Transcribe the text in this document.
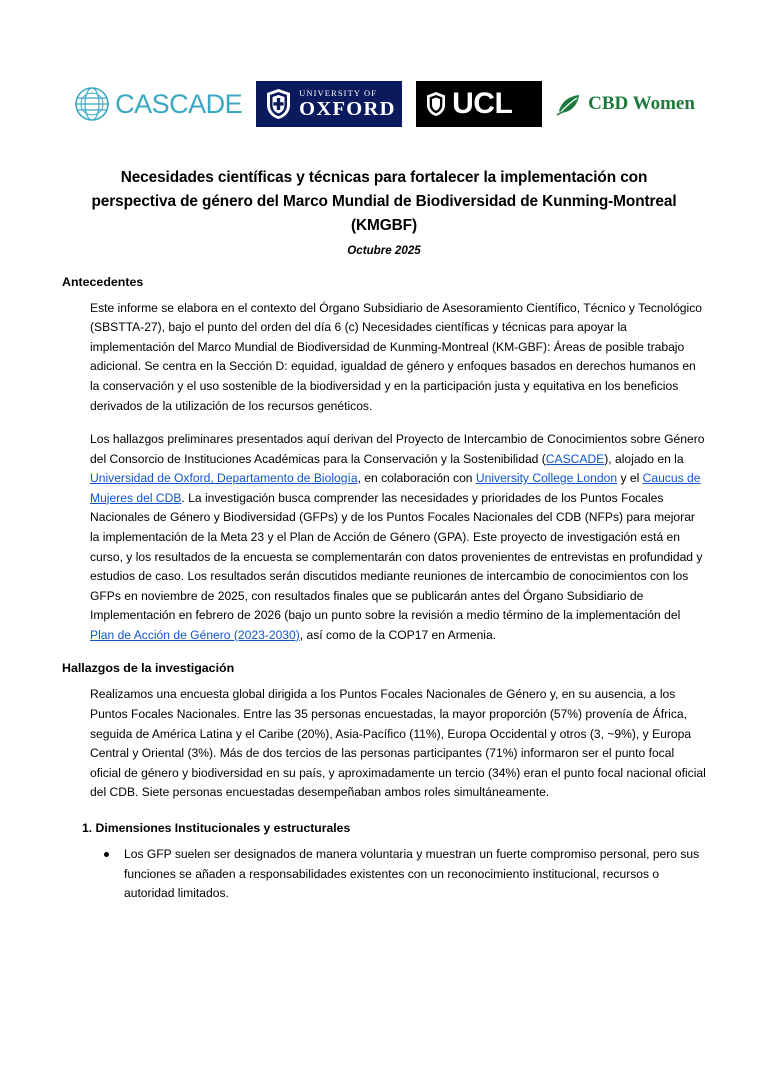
CASCADE	UNIVERSITY OF
OXFORD UCL	CBD Women
Necesidades científicas y técnicas para fortalecer la implementación con perspectiva de género del Marco Mundial de Biodiversidad de Kunming-Montreal (KMGBF)
Octubre 2025
Antecedentes

Este informe se elabora en el contexto del Órgano Subsidiario de Asesoramiento Científico, Técnico y Tecnológico (SBSTTA-27), bajo el punto del orden del día 6 (c) Necesidades científicas y técnicas para apoyar la implementación del Marco Mundial de Biodiversidad de Kunming-Montreal (KM-GBF): Áreas de posible trabajo adicional. Se centra en la Sección D: equidad, igualdad de género y enfoques basados en derechos humanos en la conservación y el uso sostenible de la biodiversidad y en la participación justa y equitativa en los beneficios derivados de la utilización de los recursos genéticos.

Los hallazgos preliminares presentados aquí derivan del Proyecto de Intercambio de Conocimientos sobre Género del Consorcio de Instituciones Académicas para la Conservación y la Sostenibilidad (CASCADE), alojado en la Universidad de Oxford, Departamento de Biología, en colaboración con University College London y el Caucus de Mujeres del CDB. La investigación busca comprender las necesidades y prioridades de los Puntos Focales Nacionales de Género y Biodiversidad (GFPs) y de los Puntos Focales Nacionales del CDB (NFPs) para mejorar la implementación de la Meta 23 y el Plan de Acción de Género (GPA). Este proyecto de investigación está en curso, y los resultados de la encuesta se complementarán con datos provenientes de entrevistas en profundidad y estudios de caso. Los resultados serán discutidos mediante reuniones de intercambio de conocimientos con los GFPs en noviembre de 2025, con resultados finales que se publicarán antes del Órgano Subsidiario de Implementación en febrero de 2026 (bajo un punto sobre la revisión a medio término de la implementación del Plan de Acción de Género (2023-2030), así como de la COP17 en Armenia.

Hallazgos de la investigación

Realizamos una encuesta global dirigida a los Puntos Focales Nacionales de Género y, en su ausencia, a los Puntos Focales Nacionales. Entre las 35 personas encuestadas, la mayor proporción (57%) provenía de África, seguida de América Latina y el Caribe (20%), Asia-Pacífico (11%), Europa Occidental y otros (3, ~9%), y Europa Central y Oriental (3%). Más de dos tercios de las personas participantes (71%) informaron ser el punto focal oficial de género y biodiversidad en su país, y aproximadamente un tercio (34%) eran el punto focal nacional oficial del CDB. Siete personas encuestadas desempeñaban ambos roles simultáneamente.

1. Dimensiones Institucionales y estructurales
Los GFP suelen ser designados de manera voluntaria y muestran un fuerte compromiso personal, pero sus funciones se añaden a responsabilidades existentes con un reconocimiento institucional, recursos o autoridad limitados.
